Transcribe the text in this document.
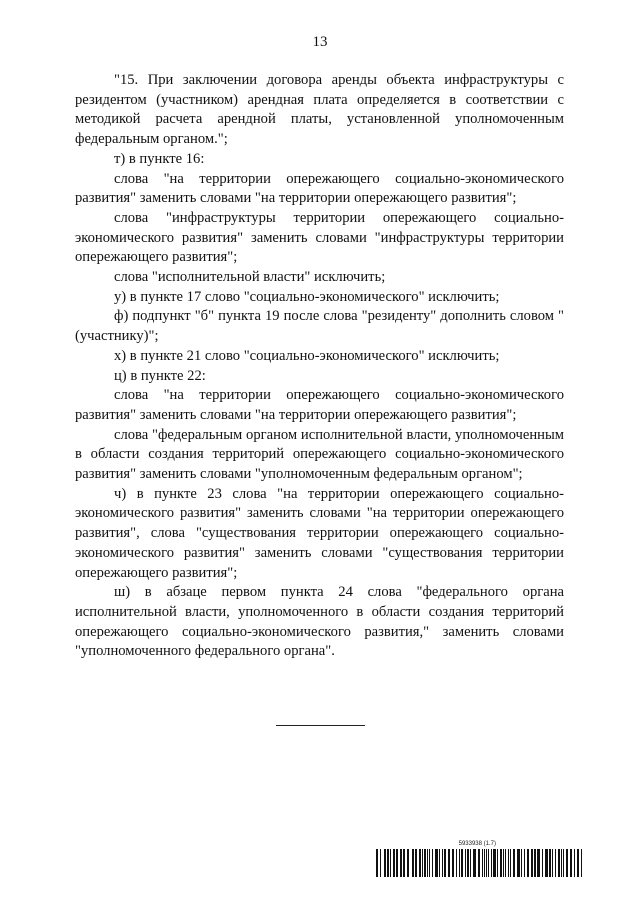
13

"15. При заключении договора аренды объекта инфраструктуры с резидентом (участником) арендная плата определяется в соответствии с методикой расчета арендной платы, установленной уполномоченным федеральным органом.";

т) в пункте 16:

слова "на территории опережающего социально-экономического развития" заменить словами "на территории опережающего развития";

слова "инфраструктуры территории опережающего социально-экономического развития" заменить словами "инфраструктуры территории опережающего развития";

слова "исполнительной власти" исключить;

у) в пункте 17 слово "социально-экономического" исключить;

ф) подпункт "б" пункта 19 после слова "резиденту" дополнить словом "(участнику)";

х) в пункте 21 слово "социально-экономического" исключить;

ц) в пункте 22:

слова "на территории опережающего социально-экономического развития" заменить словами "на территории опережающего развития";

слова "федеральным органом исполнительной власти, уполномоченным в области создания территорий опережающего социально-экономического развития" заменить словами "уполномоченным федеральным органом";

ч) в пункте 23 слова "на территории опережающего социально-экономического развития" заменить словами "на территории опережающего развития", слова "существования территории опережающего социально-экономического развития" заменить словами "существования территории опережающего развития";

ш) в абзаце первом пункта 24 слова "федерального органа исполнительной власти, уполномоченного в области создания территорий опережающего социально-экономического развития," заменить словами "уполномоченного федерального органа".

5933938 (1.7)
